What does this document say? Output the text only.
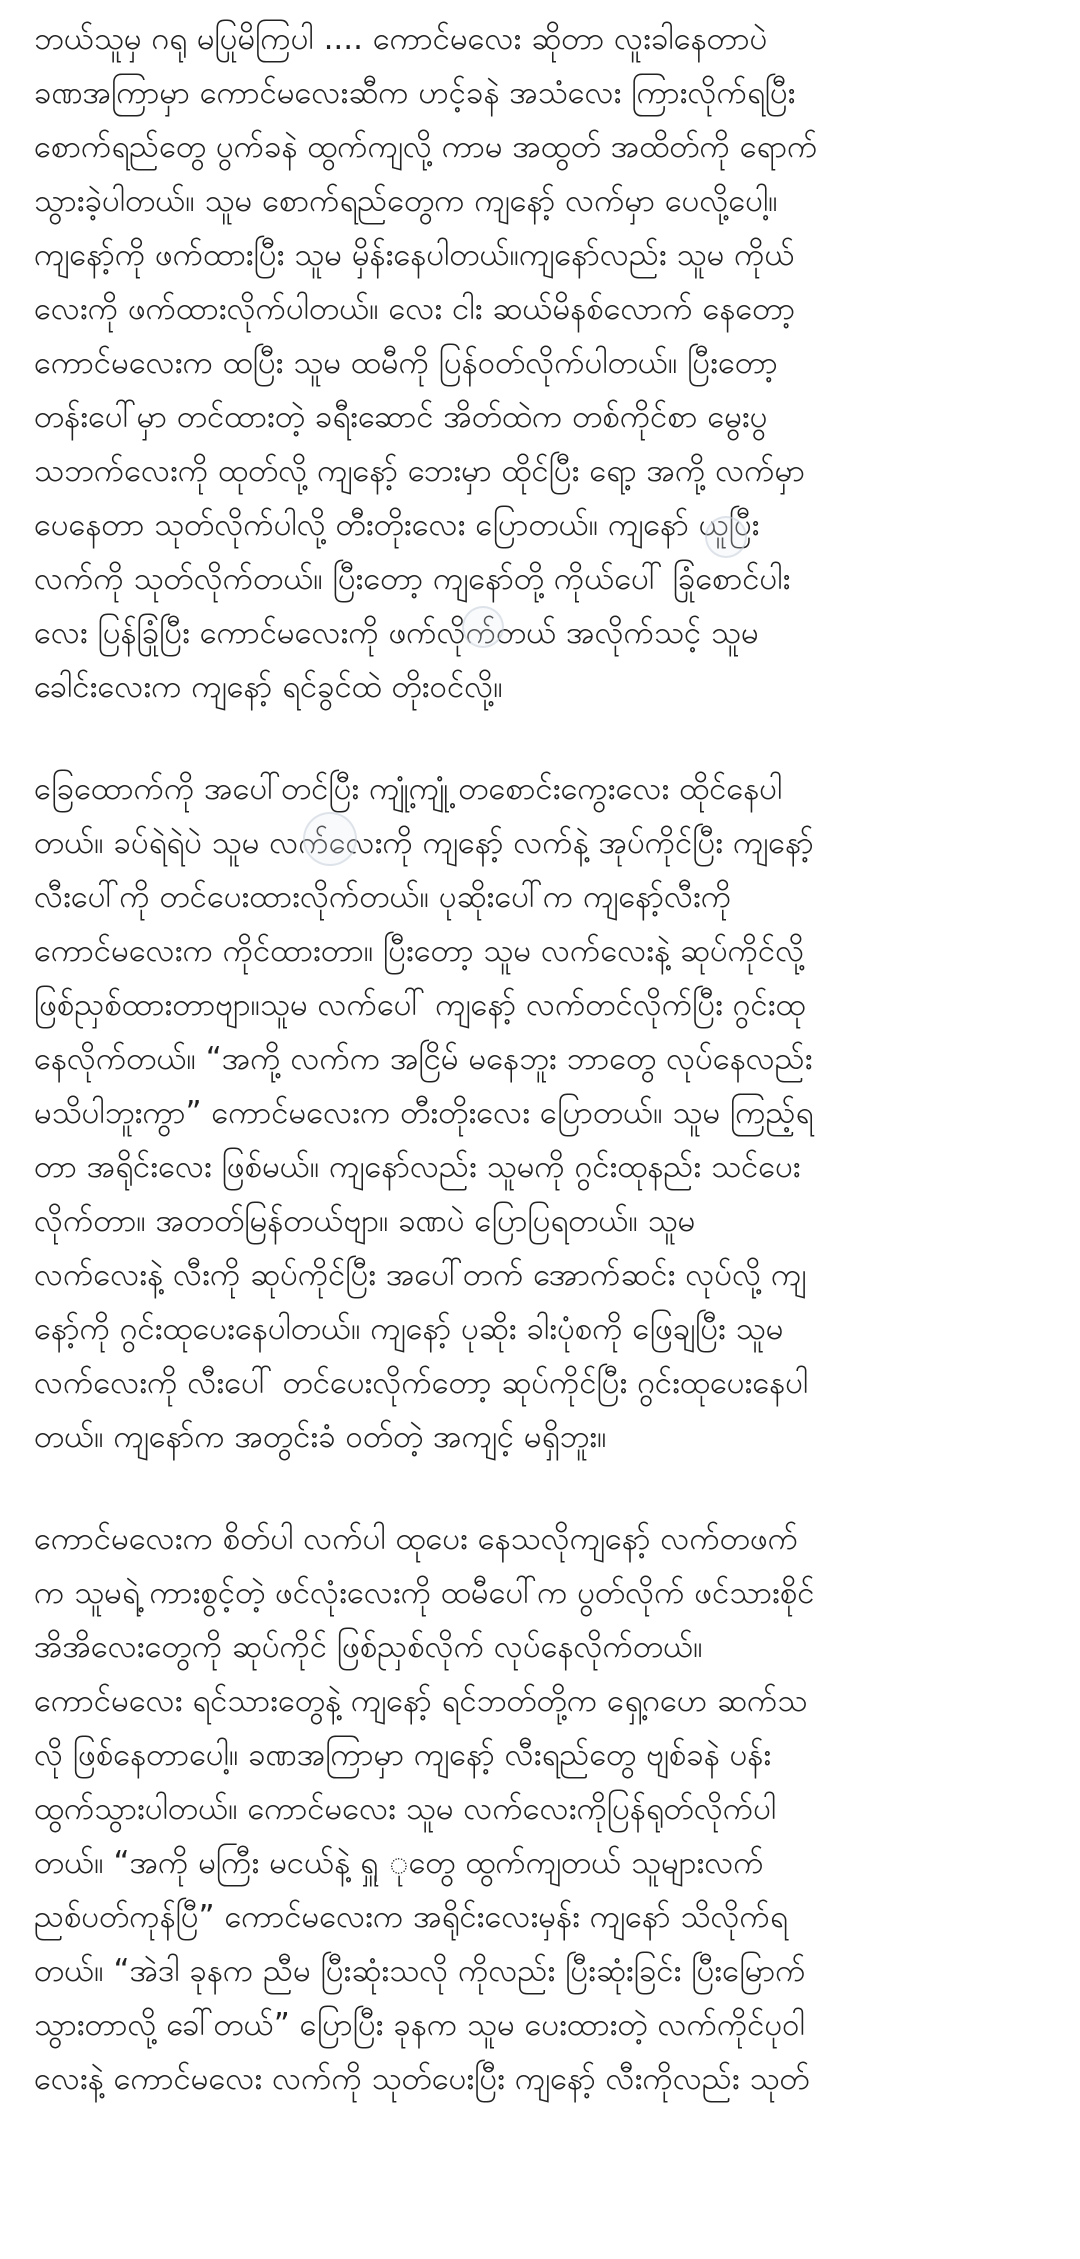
ဘယ်သူမှ ဂရု မပြုမိကြပါ .... ကောင်မလေး ဆိုတာ လူးခါနေတာပဲ
ခဏအကြာမှာ ကောင်မလေးဆီက ဟင့်ခနဲ အသံလေး ကြားလိုက်ရပြီး
စောက်ရည်တွေ ပွက်ခနဲ ထွက်ကျလို့ ကာမ အထွတ် အထိတ်ကို ရောက်
သွားခဲ့ပါတယ်။ သူမ စောက်ရည်တွေက ကျနော့် လက်မှာ ပေလို့ပေါ့။
ကျနော့်ကို ဖက်ထားပြီး သူမ မှိန်းနေပါတယ်။ကျနော်လည်း သူမ ကိုယ်
လေးကို ဖက်ထားလိုက်ပါတယ်။ လေး ငါး ဆယ်မိနစ်လောက် နေတော့
ကောင်မလေးက ထပြီး သူမ ထမီကို ပြန်ဝတ်လိုက်ပါတယ်။ ပြီးတော့
တန်းပေါ်မှာ တင်ထားတဲ့ ခရီးဆောင် အိတ်ထဲက တစ်ကိုင်စာ မွေးပွ
သဘက်လေးကို ထုတ်လို့ ကျနော့် ဘေးမှာ ထိုင်ပြီး ရော့ အကို့ လက်မှာ
ပေနေတာ သုတ်လိုက်ပါလို့ တီးတိုးလေး ပြောတယ်။ ကျနော် ယူပြီး
လက်ကို သုတ်လိုက်တယ်။ ပြီးတော့ ကျနော်တို့ ကိုယ်ပေါ် ခြုံစောင်ပါး
လေး ပြန်ခြုံပြီး ကောင်မလေးကို ဖက်လိုက်တယ် အလိုက်သင့် သူမ
ခေါင်းလေးက ကျနော့် ရင်ခွင်ထဲ တိုးဝင်လို့။

ခြေထောက်ကို အပေါ်တင်ပြီး ကျုံ့ကျုံ့ တစောင်းကွေးလေး ထိုင်နေပါ
တယ်။ ခပ်ရဲရဲပဲ သူမ လက်လေးကို ကျနော့် လက်နဲ့ အုပ်ကိုင်ပြီး ကျနော့်
လီးပေါ်ကို တင်ပေးထားလိုက်တယ်။ ပုဆိုးပေါ်က ကျနော့်လီးကို
ကောင်မလေးက ကိုင်ထားတာ။ ပြီးတော့ သူမ လက်လေးနဲ့ ဆုပ်ကိုင်လို့
ဖြစ်ညှစ်ထားတာဗျာ။သူမ လက်ပေါ် ကျနော့် လက်တင်လိုက်ပြီး ဂွင်းထု
နေလိုက်တယ်။ “အကို့ လက်က အငြိမ် မနေဘူး ဘာတွေ လုပ်နေလည်း
မသိပါဘူးကွာ” ကောင်မလေးက တီးတိုးလေး ပြောတယ်။ သူမ ကြည့်ရ
တာ အရိုင်းလေး ဖြစ်မယ်။ ကျနော်လည်း သူမကို ဂွင်းထုနည်း သင်ပေး
လိုက်တာ။ အတတ်မြန်တယ်ဗျာ။ ခဏပဲ ပြောပြရတယ်။ သူမ
လက်လေးနဲ့ လီးကို ဆုပ်ကိုင်ပြီး အပေါ်တက် အောက်ဆင်း လုပ်လို့ ကျ
နော့်ကို ဂွင်းထုပေးနေပါတယ်။ ကျနော့် ပုဆိုး ခါးပုံစကို ဖြေချပြီး သူမ
လက်လေးကို လီးပေါ် တင်ပေးလိုက်တော့ ဆုပ်ကိုင်ပြီး ဂွင်းထုပေးနေပါ
တယ်။ ကျနော်က အတွင်းခံ ဝတ်တဲ့ အကျင့် မရှိဘူး။

ကောင်မလေးက စိတ်ပါ လက်ပါ ထုပေး နေသလိုကျနော့် လက်တဖက်
က သူမရဲ့ ကားစွင့်တဲ့ ဖင်လုံးလေးကို ထမီပေါ်က ပွတ်လိုက် ဖင်သားစိုင်
အိအိလေးတွေကို ဆုပ်ကိုင် ဖြစ်ညှစ်လိုက် လုပ်နေလိုက်တယ်။
ကောင်မလေး ရင်သားတွေနဲ့ ကျနော့် ရင်ဘတ်တို့က ရှေ့ဂဟေ ဆက်သ
လို ဖြစ်နေတာပေါ့။ ခဏအကြာမှာ ကျနော့် လီးရည်တွေ ဗျစ်ခနဲ ပန်း
ထွက်သွားပါတယ်။ ကောင်မလေး သူမ လက်လေးကိုပြန်ရုတ်လိုက်ပါ
တယ်။ “အကို မကြီး မငယ်နဲ့ ရှူ ုတွေ ထွက်ကျတယ် သူများလက်
ညစ်ပတ်ကုန်ပြီ” ကောင်မလေးက အရိုင်းလေးမှန်း ကျနော် သိလိုက်ရ
တယ်။ “အဲဒါ ခုနက ညီမ ပြီးဆုံးသလို ကိုလည်း ပြီးဆုံးခြင်း ပြီးမြောက်
သွားတာလို့ ခေါ်တယ်” ပြောပြီး ခုနက သူမ ပေးထားတဲ့ လက်ကိုင်ပုဝါ
လေးနဲ့ ကောင်မလေး လက်ကို သုတ်ပေးပြီး ကျနော့် လီးကိုလည်း သုတ်
